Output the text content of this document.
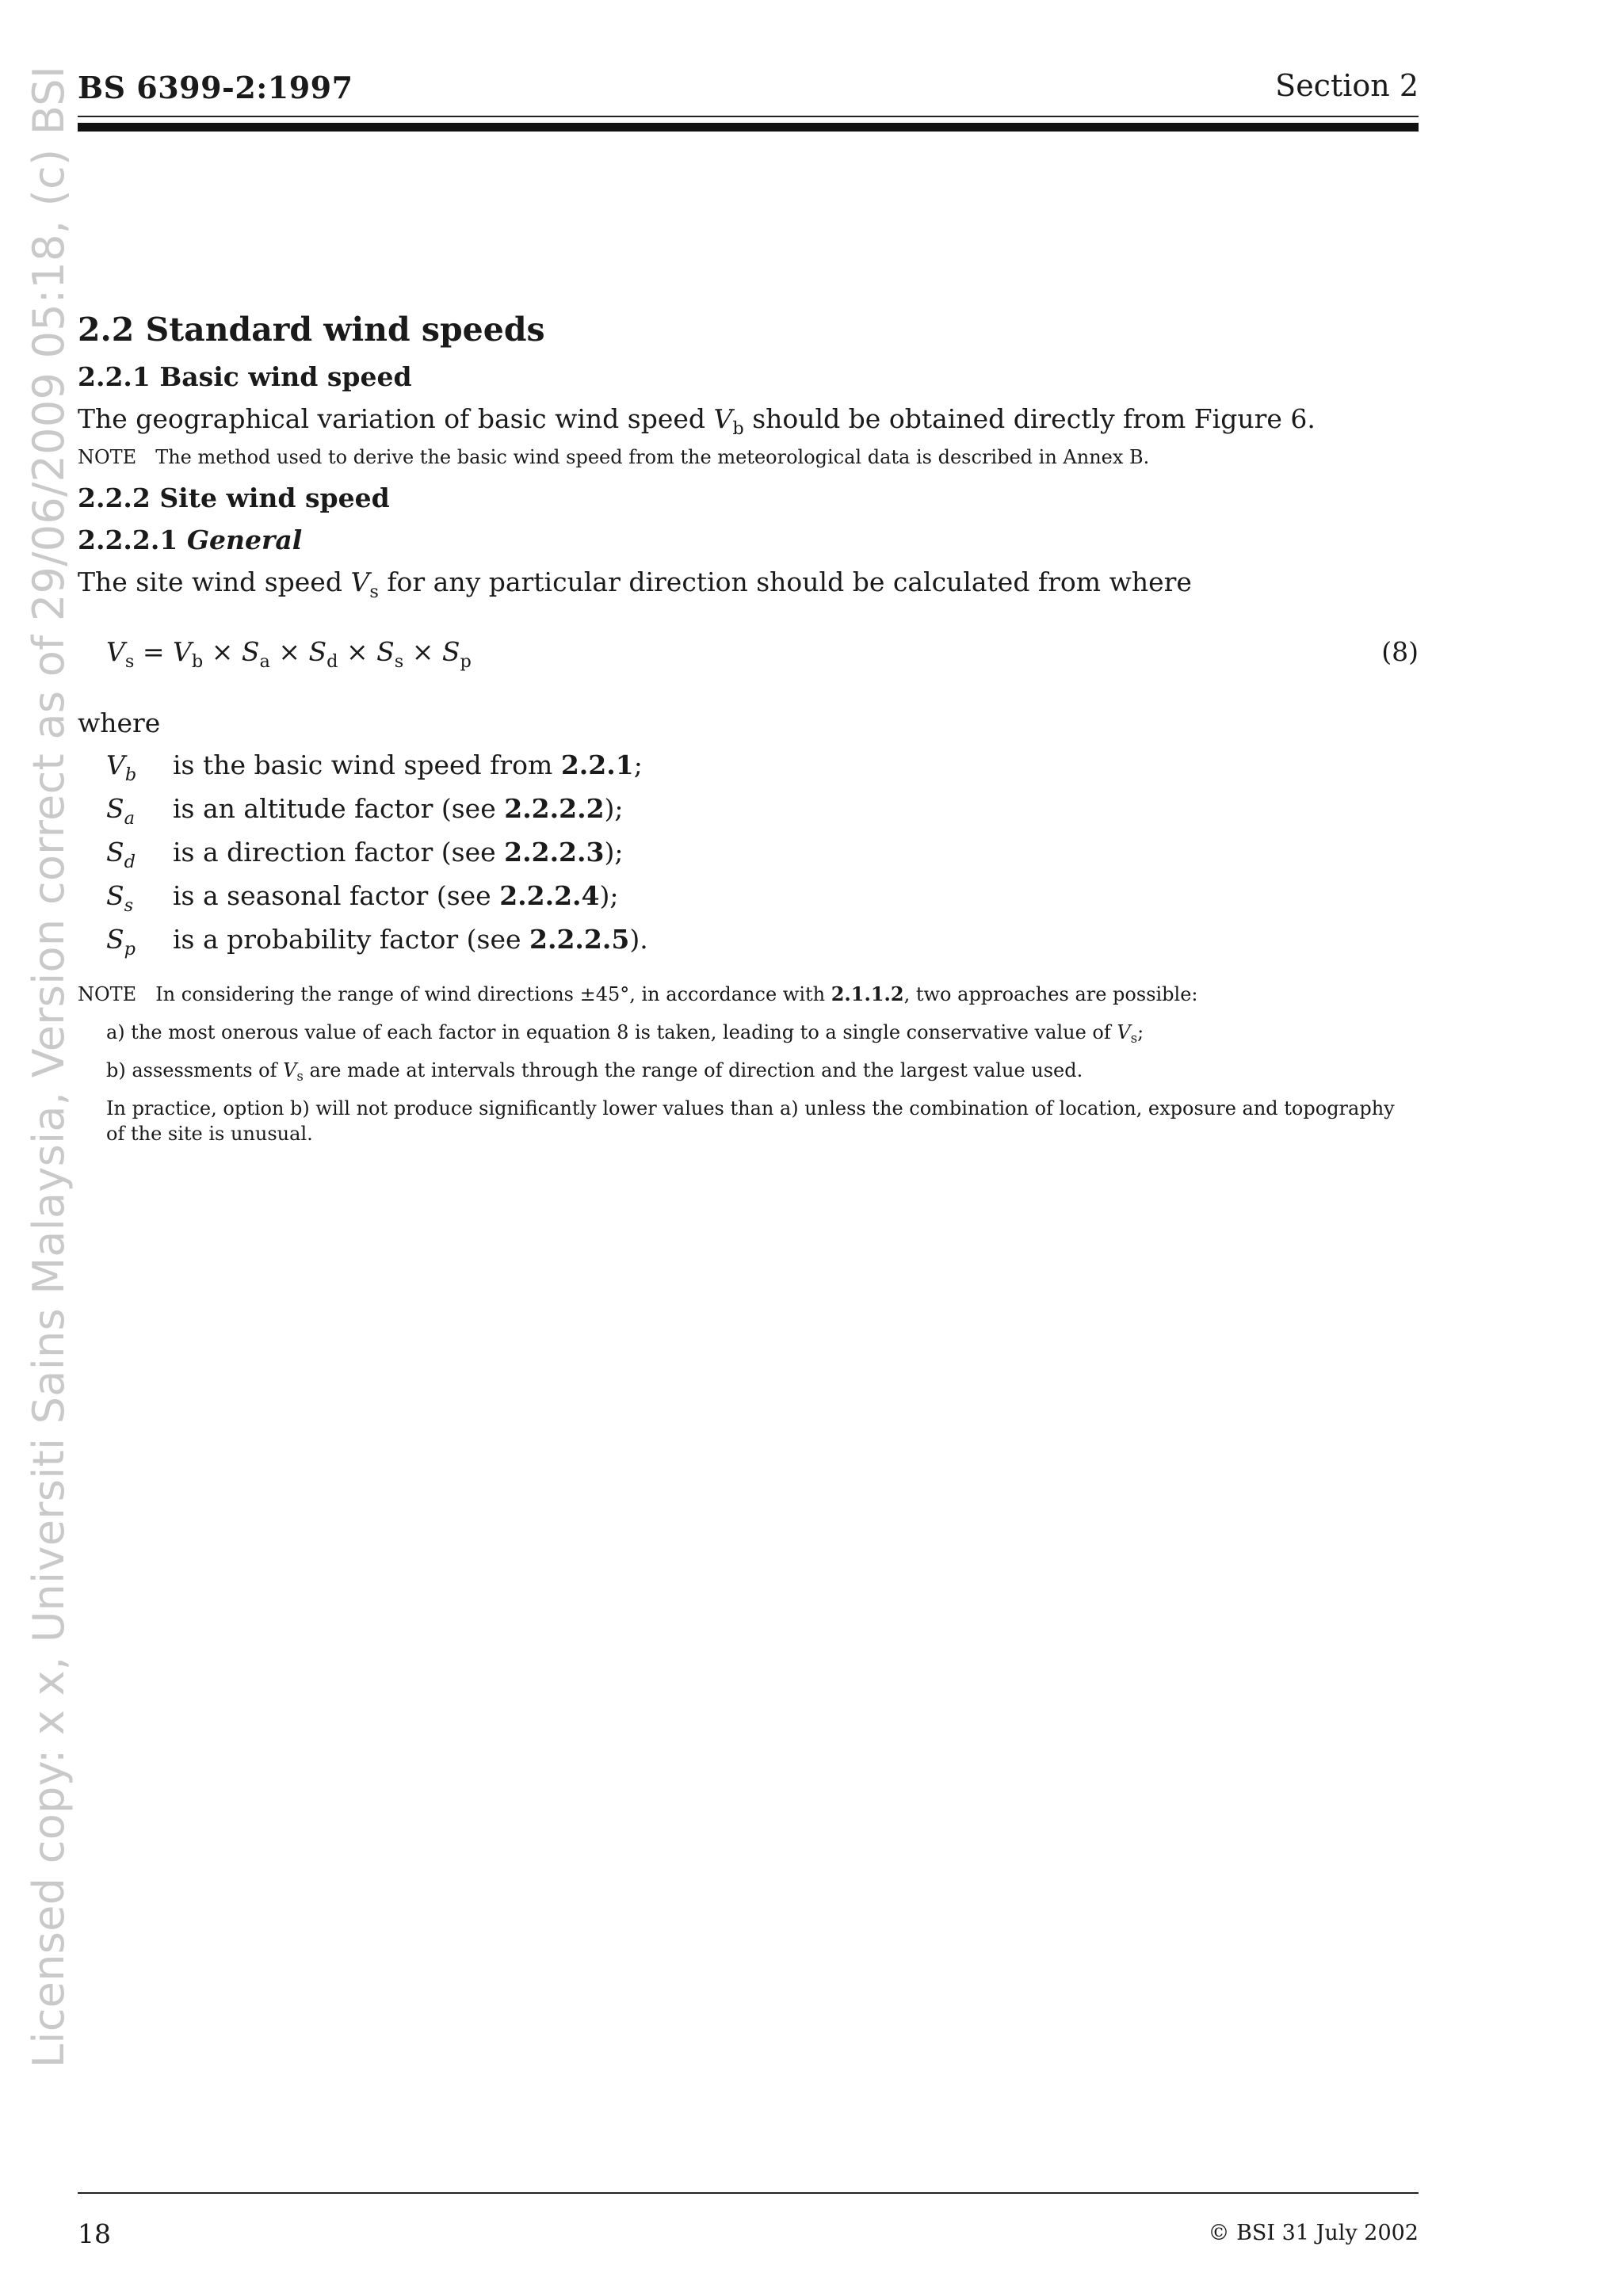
BS 6399-2:1997	Section 2
Licensed copy: x x, Universiti Sains Malaysia, Version correct as of 29/06/2009 05:18, (c) BSI 2.2 Standard wind speeds
2.2.1 Basic wind speed
The geographical variation of basic wind speed $V_b$ should be obtained directly from Figure 6.
NOTE The method used to derive the basic wind speed from the meteorological data is described in Annex B.
2.2.2 Site wind speed
2.2.2.1 General
The site wind speed $V_s$ for any particular direction should be calculated from where
$V_s = V_b \times S_a \times S_d \times S_s \times S_p$	(8)
where
$V_b$	is the basic wind speed from 2.2.1;
$S_a$	is an altitude factor (see 2.2.2.2);
$S_d$	is a direction factor (see 2.2.2.3);
$S_s$	is a seasonal factor (see 2.2.2.4);
$S_p$	is a probability factor (see 2.2.2.5).
NOTE In considering the range of wind directions ±45°, in accordance with 2.1.1.2, two approaches are possible:
a) the most onerous value of each factor in equation 8 is taken, leading to a single conservative value of $V_s$;
b) assessments of $V_s$ are made at intervals through the range of direction and the largest value used.
In practice, option b) will not produce significantly lower values than a) unless the combination of location, exposure and topography of the site is unusual.
18	© BSI 31 July 2002
